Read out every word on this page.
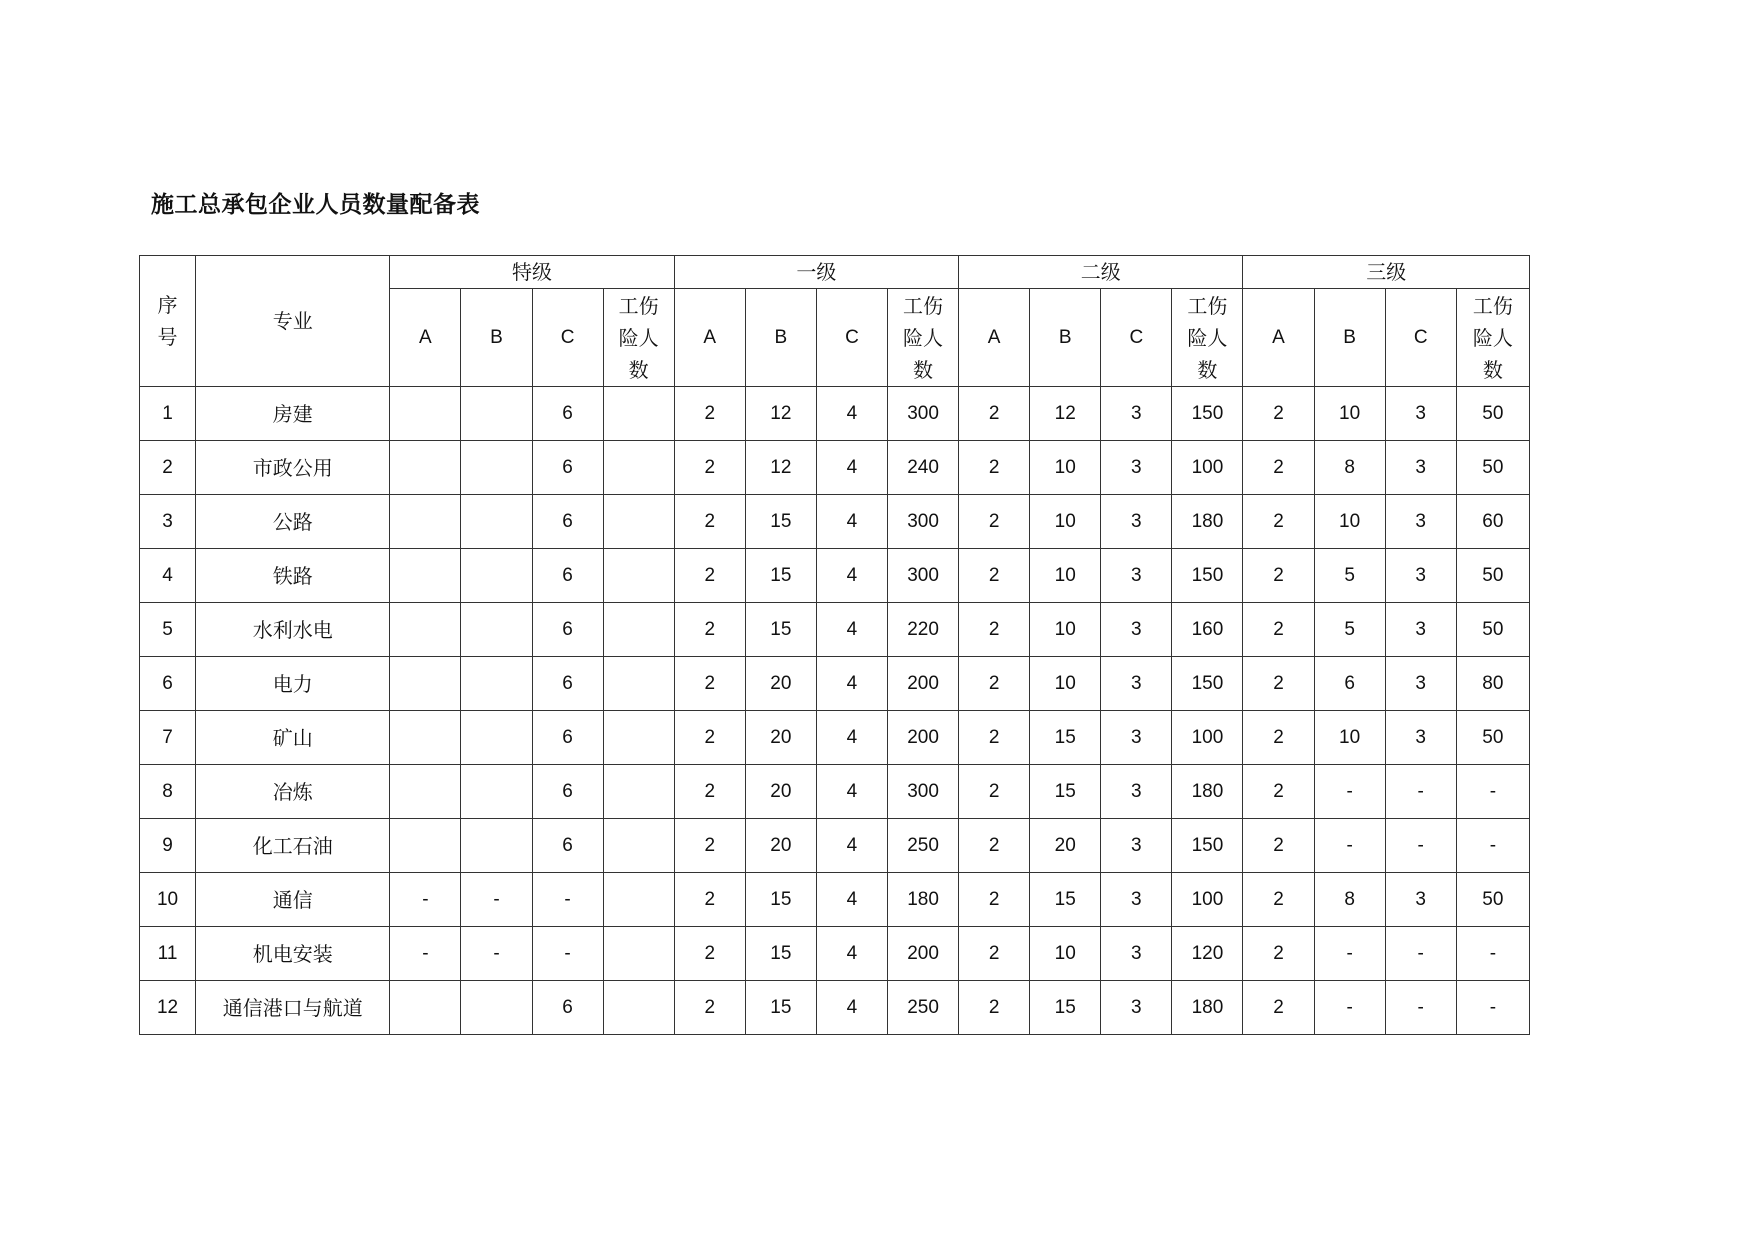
施工总承包企业人员数量配备表
序
号	专业	特级				一级				二级				三级			
		A	B	C	工伤
险人
数	A	B	C	工伤
险人
数	A	B	C	工伤
险人
数	A	B	C	工伤
险人
数

1	房建			6		2	12	4	300	2	12	3	150	2	10	3	50
2	市政公用			6		2	12	4	240	2	10	3	100	2	8	3	50
3	公路			6		2	15	4	300	2	10	3	180	2	10	3	60
4	铁路			6		2	15	4	300	2	10	3	150	2	5	3	50
5	水利水电			6		2	15	4	220	2	10	3	160	2	5	3	50
6	电力			6		2	20	4	200	2	10	3	150	2	6	3	80
7	矿山			6		2	20	4	200	2	15	3	100	2	10	3	50
8	冶炼			6		2	20	4	300	2	15	3	180	2	-	-	-
9	化工石油			6		2	20	4	250	2	20	3	150	2	-	-	-
10	通信	-	-	-		2	15	4	180	2	15	3	100	2	8	3	50
11	机电安装	-	-	-		2	15	4	200	2	10	3	120	2	-	-	-
12	通信港口与航道			6		2	15	4	250	2	15	3	180	2	-	-	-
